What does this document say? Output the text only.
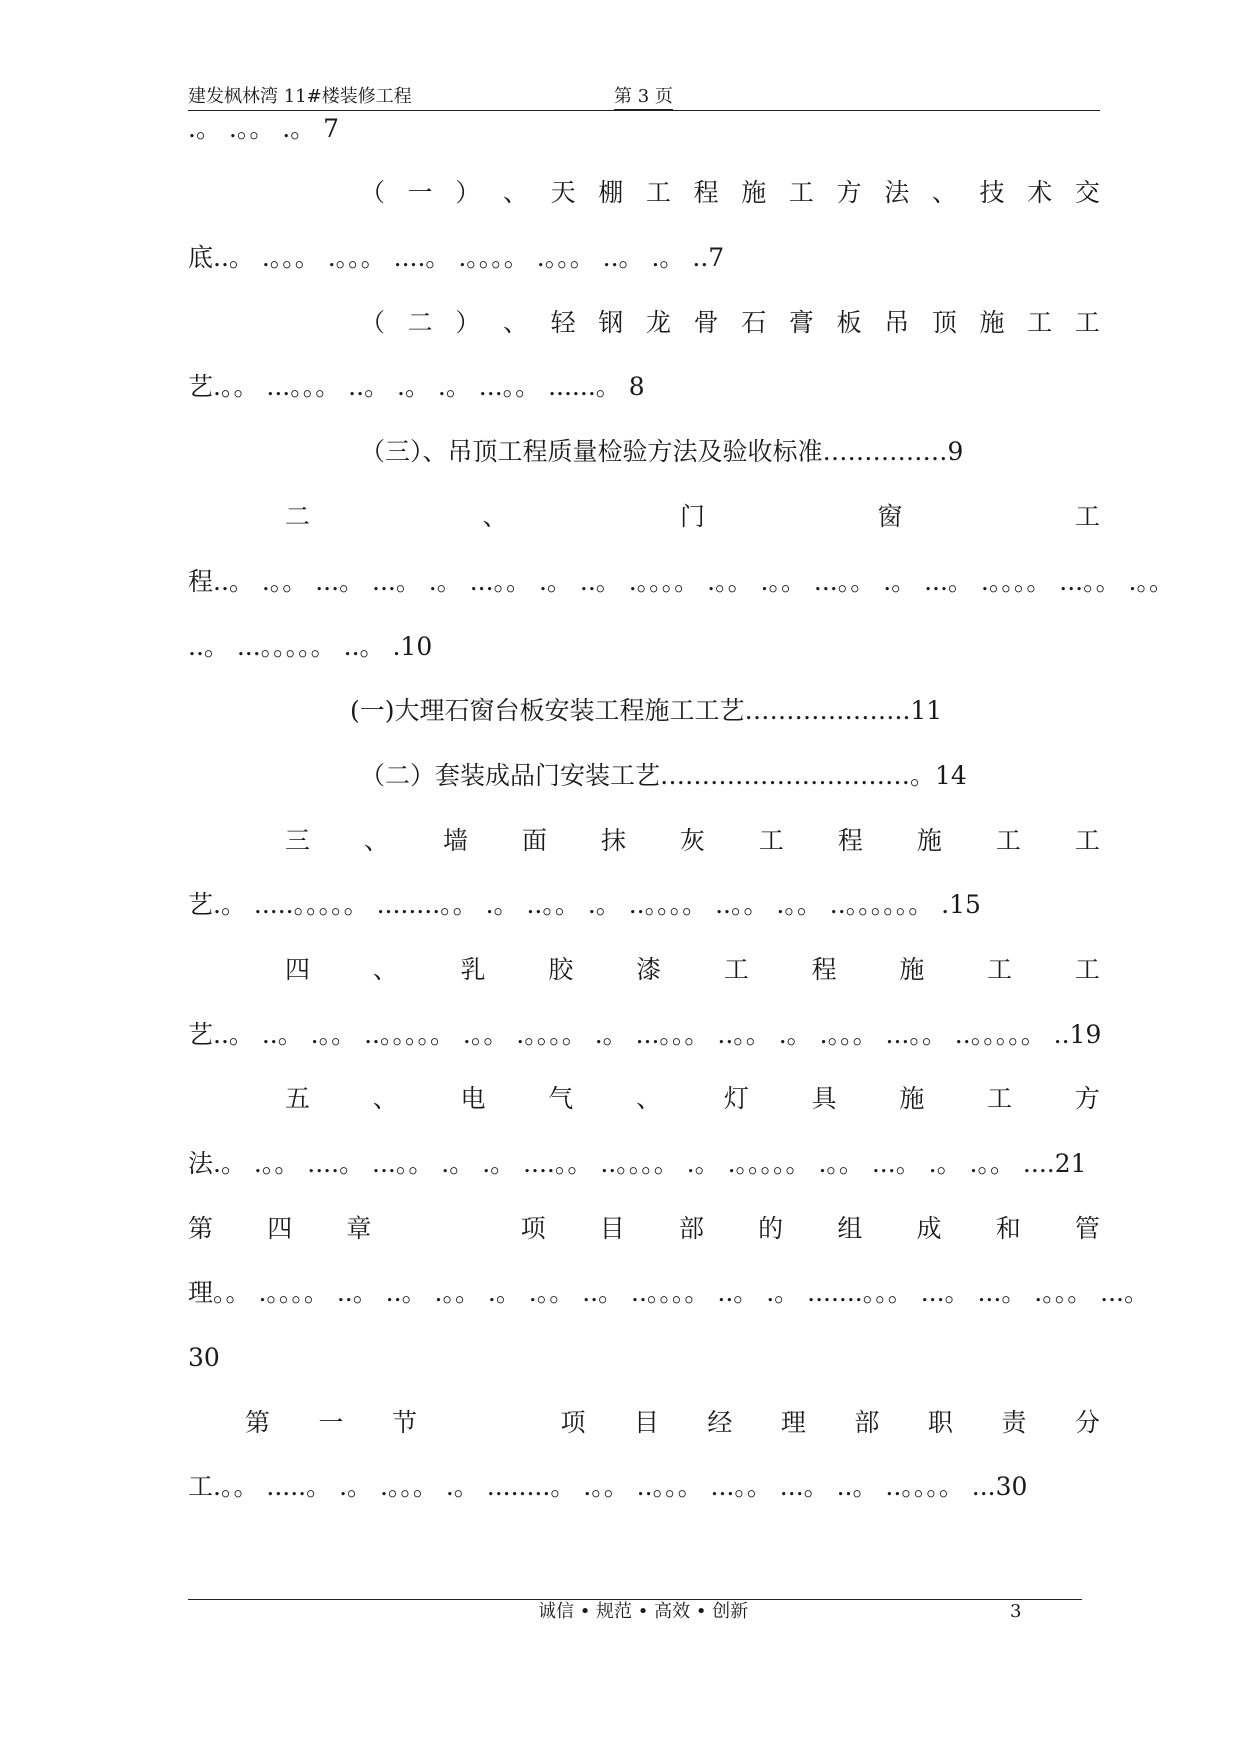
建发枫林湾 11#楼装修工程	第 3 页
.。 .。。 .。 7
（ 一 ） 、 天 棚 工 程 施 工 方 法 、 技 术 交
底..。 .。。。 .。。。 ....。 .。。。。 .。。。 ..。 .。 ..7
（ 二 ） 、 轻 钢 龙 骨 石 膏 板 吊 顶 施 工 工
艺.。。 ...。。。 ..。 .。 .。 ...。。 ......。 8
（三）、吊顶工程质量检验方法及验收标准……………9
二	、	门	窗	工
程..。 .。。 ...。 ...。 .。 ...。。 .。 ..。 .。。。。 .。。 .。。 ...。。 .。 ...。 .。。。。 ...。。 .。。
..。 ...。。。。。 ..。 .10
(一)大理石窗台板安装工程施工工艺………………..11
（二）套装成品门安装工艺…………………………。14
三 、 墙 面 抹 灰 工 程 施 工 工
艺.。 .....。。。。。 ........。。 .。 ..。。 .。 ..。。。。 ..。。 .。。 ..。。。。。。 .15
四	、	乳	胶	漆	工	程	施	工	工
艺..。 ..。 .。。 ..。。。。。 .。。 .。。。。 .。 ...。。。 ..。。 .。 .。。。 ...。。 ..。。。。。 ..19
五	、	电	气	、	灯	具	施	工	方
法.。 .。。 ....。 ...。。 .。 .。 ....。。 ..。。。。 .。 .。。。。。 .。。 ...。 .。 .。。 ....21
第 四 章	项 目 部 的 组 成 和 管
理。。 .。。。。 ..。 ..。 .。。 .。 .。。 ..。 ..。。。。 ..。 .。 .......。。。 ...。 ...。 .。。。 ...。
30
第 一 节	项 目 经 理 部 职 责 分
工.。。 .....。 .。 .。。。 .。 ........。 .。。 ..。。。 ...。。 ...。 ..。 ..。。。。 ...30
诚信 • 规范 • 高效 • 创新	3
